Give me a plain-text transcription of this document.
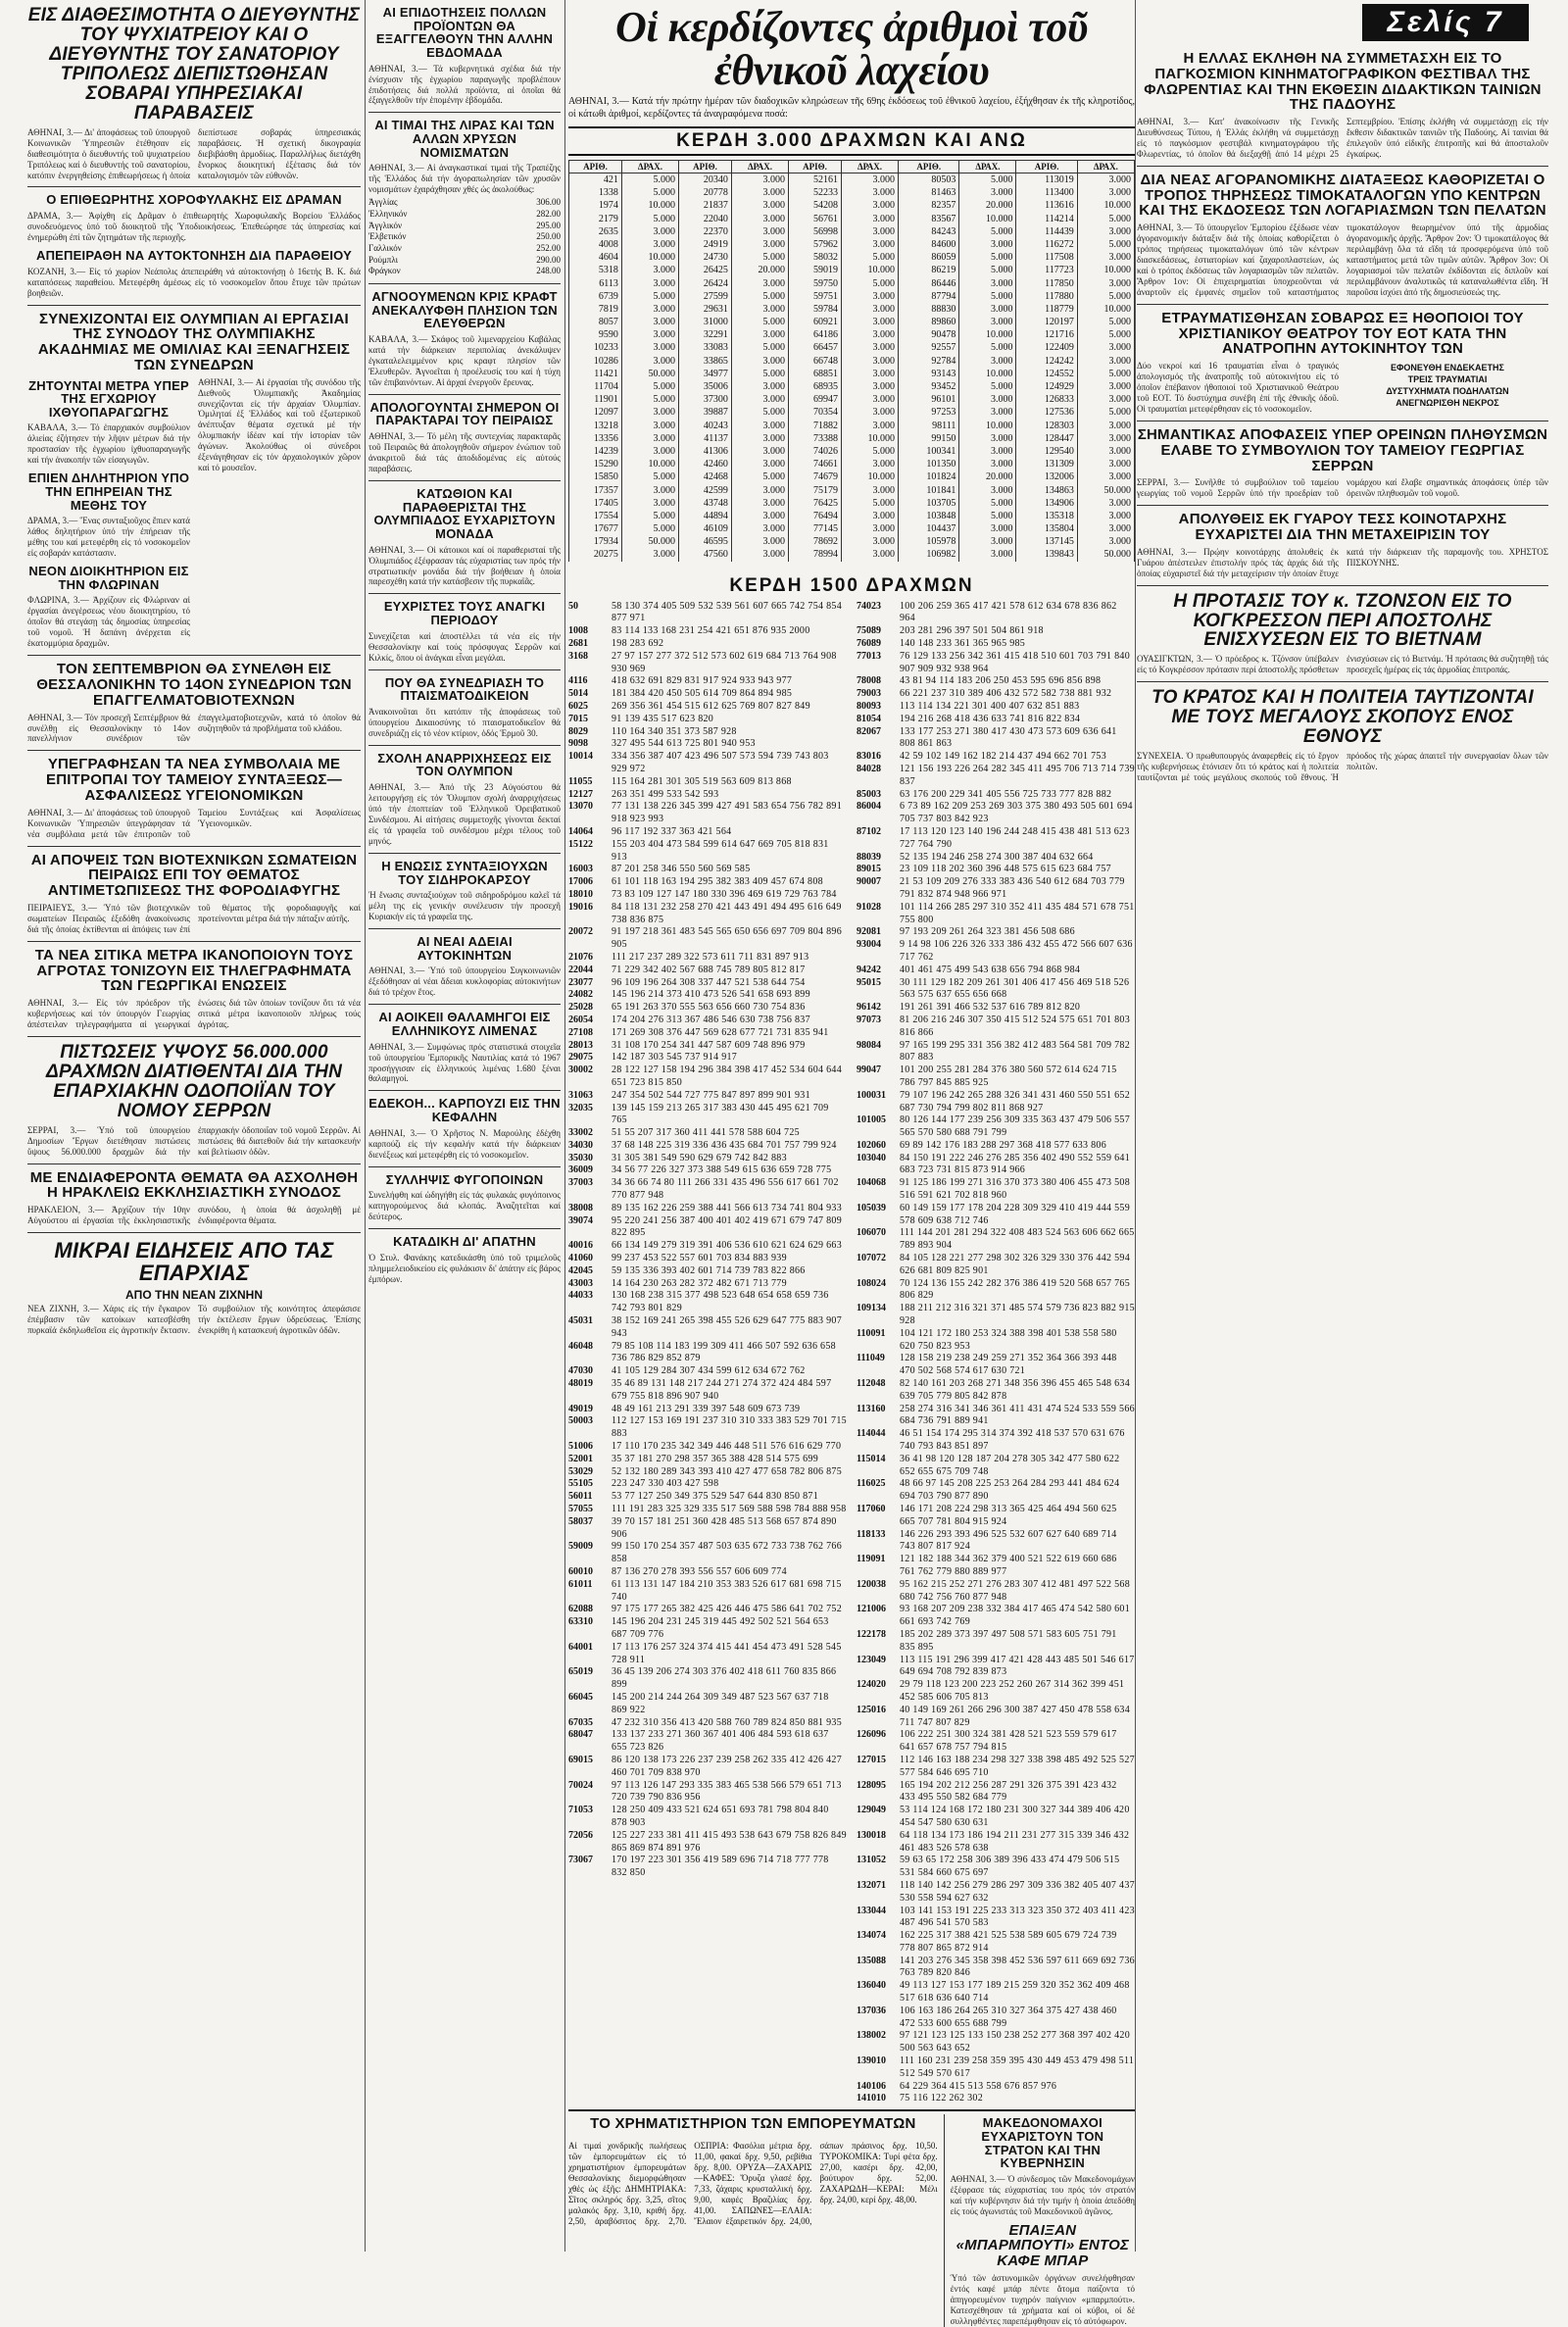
ΕΙΣ ΔΙΑΘΕΣΙΜΟΤΗΤΑ Ο ΔΙΕΥΘΥΝΤΗΣ ΤΟΥ ΨΥΧΙΑΤΡΕΙΟΥ ΚΑΙ Ο ΔΙΕΥΘΥΝΤΗΣ ΤΟΥ ΣΑΝΑΤΟΡΙΟΥ ΤΡΙΠΟΛΕΩΣ ΔΙΕΠΙΣΤΩΘΗΣΑΝ ΣΟΒΑΡΑΙ ΥΠΗΡΕΣΙΑΚΑΙ ΠΑΡΑΒΑΣΕΙΣ

ΑΘΗΝΑΙ, 3.— Δι' ἀποφάσεως τοῦ ὑπουργοῦ Κοινωνικῶν Ὑπηρεσιῶν ἐτέθησαν εἰς διαθεσιμότητα ὁ διευθυντής τοῦ ψυχιατρείου Τριπόλεως καί ὁ διευθυντής τοῦ σανατορίου, κατόπιν ἐνεργηθείσης ἐπιθεωρήσεως ἡ ὁποία διεπίστωσε σοβαράς ὑπηρεσιακάς παραβάσεις. Ἡ σχετική δικογραφία διεβιβάσθη ἀρμοδίως. Παραλλήλως διετάχθη ἔνορκος διοικητική ἐξέτασις διά τόν καταλογισμόν τῶν εὐθυνῶν.

Ο ΕΠΙΘΕΩΡΗΤΗΣ ΧΟΡΟΦΥΛΑΚΗΣ ΕΙΣ ΔΡΑΜΑΝ

ΔΡΑΜΑ, 3.— Ἀφίχθη εἰς Δρᾶμαν ὁ ἐπιθεωρητής Χωροφυλακῆς Βορείου Ἑλλάδος συνοδευόμενος ὑπό τοῦ διοικητοῦ τῆς Ὑποδιοικήσεως. Ἐπεθεώρησε τάς ὑπηρεσίας καί ἐνημερώθη ἐπί τῶν ζητημάτων τῆς περιοχῆς.

ΑΠΕΠΕΙΡΑΘΗ ΝΑ ΑΥΤΟΚΤΟΝΗΣΗ ΔΙΑ ΠΑΡΑΘΕΙΟΥ

ΚΟΖΑΝΗ, 3.— Εἰς τό χωρίον Νεάπολις ἀπεπειράθη νά αὐτοκτονήσῃ ὁ 16ετής Β. Κ. διά καταπόσεως παραθείου. Μετεφέρθη ἀμέσως εἰς τό νοσοκομεῖον ὅπου ἔτυχε τῶν πρώτων βοηθειῶν.

ΣΥΝΕΧΙΖΟΝΤΑΙ ΕΙΣ ΟΛΥΜΠΙΑΝ ΑΙ ΕΡΓΑΣΙΑΙ ΤΗΣ ΣΥΝΟΔΟΥ ΤΗΣ ΟΛΥΜΠΙΑΚΗΣ ΑΚΑΔΗΜΙΑΣ ΜΕ ΟΜΙΛΙΑΣ ΚΑΙ ΞΕΝΑΓΗΣΕΙΣ ΤΩΝ ΣΥΝΕΔΡΩΝ
ΖΗΤΟΥΝΤΑΙ ΜΕΤΡΑ ΥΠΕΡ ΤΗΣ ΕΓΧΩΡΙΟΥ ΙΧΘΥΟΠΑΡΑΓΩΓΗΣ

ΚΑΒΑΛΑ, 3.— Τό ἐπαρχιακόν συμβούλιον ἁλιείας ἐζήτησεν τήν λῆψιν μέτρων διά τήν προστασίαν τῆς ἐγχωρίου ἰχθυοπαραγωγῆς καί τήν ἀνακοπήν τῶν εἰσαγωγῶν.

ΕΠΙΕΝ ΔΗΛΗΤΗΡΙΟΝ ΥΠΟ ΤΗΝ ΕΠΗΡΕΙΑΝ ΤΗΣ ΜΕΘΗΣ ΤΟΥ

ΔΡΑΜΑ, 3.— Ἕνας συνταξιοῦχος ἔπιεν κατά λάθος δηλητήριον ὑπό τήν ἐπήρειαν τῆς μέθης του καί μετεφέρθη εἰς τό νοσοκομεῖον εἰς σοβαράν κατάστασιν.

ΝΕΟΝ ΔΙΟΙΚΗΤΗΡΙΟΝ ΕΙΣ ΤΗΝ ΦΛΩΡΙΝΑΝ

ΦΛΩΡΙΝΑ, 3.— Ἀρχίζουν εἰς Φλώριναν αἱ ἐργασίαι ἀνεγέρσεως νέου διοικητηρίου, τό ὁποῖον θά στεγάσῃ τάς δημοσίας ὑπηρεσίας τοῦ νομοῦ. Ἡ δαπάνη ἀνέρχεται εἰς ἑκατομμύρια δραχμῶν.

ΑΘΗΝΑΙ, 3.— Αἱ ἐργασίαι τῆς συνόδου τῆς Διεθνοῦς Ὀλυμπιακῆς Ἀκαδημίας συνεχίζονται εἰς τήν ἀρχαίαν Ὀλυμπίαν. Ὁμιληταί ἐξ Ἑλλάδος καί τοῦ ἐξωτερικοῦ ἀνέπτυξαν θέματα σχετικά μέ τήν ὀλυμπιακήν ἰδέαν καί τήν ἱστορίαν τῶν ἀγώνων. Ἀκολούθως οἱ σύνεδροι ἐξενάγηθησαν εἰς τόν ἀρχαιολογικόν χῶρον καί τό μουσεῖον.

ΤΟΝ ΣΕΠΤΕΜΒΡΙΟΝ ΘΑ ΣΥΝΕΛΘΗ ΕΙΣ ΘΕΣΣΑΛΟΝΙΚΗΝ ΤΟ 14ΟΝ ΣΥΝΕΔΡΙΟΝ ΤΩΝ ΕΠΑΓΓΕΛΜΑΤΟΒΙΟΤΕΧΝΩΝ

ΑΘΗΝΑΙ, 3.— Τόν προσεχῆ Σεπτέμβριον θά συνέλθῃ εἰς Θεσσαλονίκην τό 14ον πανελλήνιον συνέδριον τῶν ἐπαγγελματοβιοτεχνῶν, κατά τό ὁποῖον θά συζητηθοῦν τά προβλήματα τοῦ κλάδου.

ΥΠΕΓΡΑΦΗΣΑΝ ΤΑ ΝΕΑ ΣΥΜΒΟΛΑΙΑ ΜΕ ΕΠΙΤΡΟΠΑΙ ΤΟΥ ΤΑΜΕΙΟΥ ΣΥΝΤΑΞΕΩΣ—ΑΣΦΑΛΙΣΕΩΣ ΥΓΕΙΟΝΟΜΙΚΩΝ

ΑΘΗΝΑΙ, 3.— Δι' ἀποφάσεως τοῦ ὑπουργοῦ Κοινωνικῶν Ὑπηρεσιῶν ὑπεγράφησαν τά νέα συμβόλαια μετά τῶν ἐπιτροπῶν τοῦ Ταμείου Συντάξεως καί Ἀσφαλίσεως Ὑγειονομικῶν.

ΑΙ ΑΠΟΨΕΙΣ ΤΩΝ ΒΙΟΤΕΧΝΙΚΩΝ ΣΩΜΑΤΕΙΩΝ ΠΕΙΡΑΙΩΣ ΕΠΙ ΤΟΥ ΘΕΜΑΤΟΣ ΑΝΤΙΜΕΤΩΠΙΣΕΩΣ ΤΗΣ ΦΟΡΟΔΙΑΦΥΓΗΣ

ΠΕΙΡΑΙΕΥΣ, 3.— Ὑπό τῶν βιοτεχνικῶν σωματείων Πειραιῶς ἐξεδόθη ἀνακοίνωσις διά τῆς ὁποίας ἐκτίθενται αἱ ἀπόψεις των ἐπί τοῦ θέματος τῆς φοροδιαφυγῆς καί προτείνονται μέτρα διά τήν πάταξιν αὐτῆς.

ΤΑ ΝΕΑ ΣΙΤΙΚΑ ΜΕΤΡΑ ΙΚΑΝΟΠΟΙΟΥΝ ΤΟΥΣ ΑΓΡΟΤΑΣ ΤΟΝΙΖΟΥΝ ΕΙΣ ΤΗΛΕΓΡΑΦΗΜΑΤΑ ΤΩΝ ΓΕΩΡΓΙΚΑΙ ΕΝΩΣΕΙΣ

ΑΘΗΝΑΙ, 3.— Εἰς τόν πρόεδρον τῆς κυβερνήσεως καί τόν ὑπουργόν Γεωργίας ἀπέστειλαν τηλεγραφήματα αἱ γεωργικαί ἑνώσεις διά τῶν ὁποίων τονίζουν ὅτι τά νέα σιτικά μέτρα ἱκανοποιοῦν πλήρως τούς ἀγρότας.

ΠΙΣΤΩΣΕΙΣ ΥΨΟΥΣ 56.000.000 ΔΡΑΧΜΩΝ ΔΙΑΤΙΘΕΝΤΑΙ ΔΙΑ ΤΗΝ ΕΠΑΡΧΙΑΚΗΝ ΟΔΟΠΟΙΪΑΝ ΤΟΥ ΝΟΜΟΥ ΣΕΡΡΩΝ

ΣΕΡΡΑΙ, 3.— Ὑπό τοῦ ὑπουργείου Δημοσίων Ἔργων διετέθησαν πιστώσεις ὕψους 56.000.000 δραχμῶν διά τήν ἐπαρχιακήν ὁδοποιΐαν τοῦ νομοῦ Σερρῶν. Αἱ πιστώσεις θά διατεθοῦν διά τήν κατασκευήν καί βελτίωσιν ὁδῶν.

ΜΕ ΕΝΔΙΑΦΕΡΟΝΤΑ ΘΕΜΑΤΑ ΘΑ ΑΣΧΟΛΗΘΗ Η ΗΡΑΚΛΕΙΩ ΕΚΚΛΗΣΙΑΣΤΙΚΗ ΣΥΝΟΔΟΣ

ΗΡΑΚΛΕΙΟΝ, 3.— Ἀρχίζουν τήν 10ην Αὐγούστου αἱ ἐργασίαι τῆς ἐκκλησιαστικῆς συνόδου, ἡ ὁποία θά ἀσχοληθῇ μέ ἐνδιαφέροντα θέματα.

ΜΙΚΡΑΙ ΕΙΔΗΣΕΙΣ ΑΠΟ ΤΑΣ ΕΠΑΡΧΙΑΣ
ΑΠΟ ΤΗΝ ΝΕΑΝ ΖΙΧΝΗΝ

ΝΕΑ ΖΙΧΝΗ, 3.— Χάρις εἰς τήν ἔγκαιρον ἐπέμβασιν τῶν κατοίκων κατεσβέσθη πυρκαϊά ἐκδηλωθεῖσα εἰς ἀγροτικήν ἔκτασιν. Τό συμβούλιον τῆς κοινότητος ἀπεφάσισε τήν ἐκτέλεσιν ἔργων ὑδρεύσεως. Ἐπίσης ἐνεκρίθη ἡ κατασκευή ἀγροτικῶν ὁδῶν.

ΑΙ ΕΠΙΔΟΤΗΣΕΙΣ ΠΟΛΛΩΝ ΠΡΟΪΟΝΤΩΝ ΘΑ ΕΞΑΓΓΕΛΘΟΥΝ ΤΗΝ ΑΛΛΗΝ ΕΒΔΟΜΑΔΑ

ΑΘΗΝΑΙ, 3.— Τά κυβερνητικά σχέδια διά τήν ἐνίσχυσιν τῆς ἐγχωρίου παραγωγῆς προβλέπουν ἐπιδοτήσεις διά πολλά προϊόντα, αἱ ὁποῖαι θά ἐξαγγελθοῦν τήν ἑπομένην ἑβδομάδα.

ΑΙ ΤΙΜΑΙ ΤΗΣ ΛΙΡΑΣ ΚΑΙ ΤΩΝ ΑΛΛΩΝ ΧΡΥΣΩΝ ΝΟΜΙΣΜΑΤΩΝ

ΑΘΗΝΑΙ, 3.— Αἱ ἀναγκαστικαί τιμαί τῆς Τραπέζης τῆς Ἑλλάδος διά τήν ἀγοραπωλησίαν τῶν χρυσῶν νομισμάτων ἐχαράχθησαν χθές ὡς ἀκολούθως:

Ἀγγλίας	306.00
Ἑλληνικόν	282.00
Ἀγγλικόν	295.00
Ἑλβετικόν	250.00
Γαλλικόν	252.00
Ρούμπλι	290.00
Φράγκον	248.00
ΑΓΝΟΟΥΜΕΝΩΝ ΚΡΙΣ ΚΡΑΦΤ ΑΝΕΚΑΛΥΦΘΗ ΠΛΗΣΙΟΝ ΤΩΝ ΕΛΕΥΘΕΡΩΝ

ΚΑΒΑΛΑ, 3.— Σκάφος τοῦ λιμεναρχείου Καβάλας κατά τήν διάρκειαν περιπολίας ἀνεκάλυψεν ἐγκαταλελειμμένον κρις κραφτ πλησίον τῶν Ἐλευθερῶν. Ἀγνοεῖται ἡ προέλευσίς του καί ἡ τύχη τῶν ἐπιβαινόντων. Αἱ ἀρχαί ἐνεργοῦν ἔρευνας.

ΑΠΟΛΟΓΟΥΝΤΑΙ ΣΗΜΕΡΟΝ ΟΙ ΠΑΡΑΚΤΑΡΑΙ ΤΟΥ ΠΕΙΡΑΙΩΣ

ΑΘΗΝΑΙ, 3.— Τό μέλη τῆς συντεχνίας παρακταρᾶς τοῦ Πειραιῶς θά ἀπολογηθοῦν σήμερον ἐνώπιον τοῦ ἀνακριτοῦ διά τάς ἀποδιδομένας εἰς αὐτούς παραβάσεις.

ΚΑΤΩΘΙΟΝ ΚΑΙ ΠΑΡΑΘΕΡΙΣΤΑΙ ΤΗΣ ΟΛΥΜΠΙΑΔΟΣ ΕΥΧΑΡΙΣΤΟΥΝ ΜΟΝΑΔΑ

ΑΘΗΝΑΙ, 3.— Οἱ κάτοικοι καί οἱ παραθερισταί τῆς Ὀλυμπιάδος ἐξέφρασαν τάς εὐχαριστίας των πρός τήν στρατιωτικήν μονάδα διά τήν βοήθειαν ἡ ὁποία παρεσχέθη κατά τήν κατάσβεσιν τῆς πυρκαϊᾶς.

ΕΥΧΡΙΣΤΕΣ ΤΟΥΣ ΑΝΑΓΚΙ ΠΕΡΙΟΔΟΥ

Συνεχίζεται καί ἀποστέλλει τά νέα εἰς τήν Θεσσαλονίκην καί τούς πρόσφυγας Σερρῶν καί Κιλκίς, ὅπου οἱ ἀνάγκαι εἶναι μεγάλαι.

ΠΟΥ ΘΑ ΣΥΝΕΔΡΙΑΣΗ ΤΟ ΠΤΑΙΣΜΑΤΟΔΙΚΕΙΟΝ

Ἀνακοινοῦται ὅτι κατόπιν τῆς ἀποφάσεως τοῦ ὑπουργείου Δικαιοσύνης τό πταισματοδικεῖον θά συνεδριάζῃ εἰς τό νέον κτίριον, ὁδός Ἑρμοῦ 30.

ΣΧΟΛΗ ΑΝΑΡΡΙΧΗΣΕΩΣ ΕΙΣ ΤΟΝ ΟΛΥΜΠΟΝ

ΑΘΗΝΑΙ, 3.— Ἀπό τῆς 23 Αὐγούστου θά λειτουργήσῃ εἰς τόν Ὄλυμπον σχολή ἀναρριχήσεως ὑπό τήν ἐποπτείαν τοῦ Ἑλληνικοῦ Ὀρειβατικοῦ Συνδέσμου. Αἱ αἰτήσεις συμμετοχῆς γίνονται δεκταί εἰς τά γραφεῖα τοῦ συνδέσμου μέχρι τέλους τοῦ μηνός.

Η ΕΝΩΣΙΣ ΣΥΝΤΑΞΙΟΥΧΩΝ ΤΟΥ ΣΙΔΗΡΟΚΑΡΣΟΥ

Ἡ ἕνωσις συνταξιούχων τοῦ σιδηροδρόμου καλεῖ τά μέλη της εἰς γενικήν συνέλευσιν τήν προσεχῆ Κυριακήν εἰς τά γραφεῖα της.

ΑΙ ΝΕΑΙ ΑΔΕΙΑΙ ΑΥΤΟΚΙΝΗΤΩΝ

ΑΘΗΝΑΙ, 3.— Ὑπό τοῦ ὑπουργείου Συγκοινωνιῶν ἐξεδόθησαν αἱ νέαι ἄδειαι κυκλοφορίας αὐτοκινήτων διά τό τρέχον ἔτος.

ΑΙ ΑΟΙΚΕΙΙ ΘΑΛΑΜΗΓΟΙ ΕΙΣ ΕΛΛΗΝΙΚΟΥΣ ΛΙΜΕΝΑΣ

ΑΘΗΝΑΙ, 3.— Συμφώνως πρός στατιστικά στοιχεῖα τοῦ ὑπουργείου Ἐμπορικῆς Ναυτιλίας κατά τό 1967 προσήγγισαν εἰς ἑλληνικούς λιμένας 1.680 ξέναι θαλαμηγοί.

ΕΔΕΚΟΗ... ΚΑΡΠΟΥΖΙ ΕΙΣ ΤΗΝ ΚΕΦΑΛΗΝ

ΑΘΗΝΑΙ, 3.— Ὁ Χρῆστος Ν. Μαρούλης ἐδέχθη καρπούζι εἰς τήν κεφαλήν κατά τήν διάρκειαν διενέξεως καί μετεφέρθη εἰς τό νοσοκομεῖον.

ΣΥΛΛΗΨΙΣ ΦΥΓΟΠΟΙΝΩΝ

Συνελήφθη καί ὡδηγήθη εἰς τάς φυλακάς φυγόποινος κατηγορούμενος διά κλοπάς. Ἀναζητεῖται καί δεύτερος.

ΚΑΤΑΔΙΚΗ ΔΙ' ΑΠΑΤΗΝ

Ὁ Στυλ. Φανάκης κατεδικάσθη ὑπό τοῦ τριμελοῦς πλημμελειοδικείου εἰς φυλάκισιν δι' ἀπάτην εἰς βάρος ἐμπόρων.

Οἱ κερδίζοντες ἀριθμοὶ τοῦ ἐθνικοῦ λαχείου

ΑΘΗΝΑΙ, 3.— Κατά τήν πρώτην ἡμέραν τῶν διαδοχικῶν κληρώσεων τῆς 69ης ἐκδόσεως τοῦ ἐθνικοῦ λαχείου, ἐξήχθησαν ἐκ τῆς κληροτίδος, οἱ κάτωθι ἀριθμοί, κερδίζοντες τά ἀναγραφόμενα ποσά:

ΚΕΡΔΗ 3.000 ΔΡΑΧΜΩΝ ΚΑΙ ΑΝΩ
ΑΡΙΘ.	ΔΡΑΧ.	ΑΡΙΘ.	ΔΡΑΧ.	ΑΡΙΘ.	ΔΡΑΧ.	ΑΡΙΘ.	ΔΡΑΧ.	ΑΡΙΘ.	ΔΡΑΧ.
421	5.000	20340	3.000	52161	3.000	80503	5.000	113019	3.000
1338	5.000	20778	3.000	52233	3.000	81463	3.000	113400	3.000
1974	10.000	21837	3.000	54208	3.000	82357	20.000	113616	10.000
2179	5.000	22040	3.000	56761	3.000	83567	10.000	114214	5.000
2635	3.000	22370	3.000	56998	3.000	84243	5.000	114439	3.000
4008	3.000	24919	3.000	57962	3.000	84600	3.000	116272	5.000
4604	10.000	24730	5.000	58032	5.000	86059	5.000	117508	3.000
5318	3.000	26425	20.000	59019	10.000	86219	5.000	117723	10.000
6113	3.000	26424	3.000	59750	5.000	86446	3.000	117850	3.000
6739	5.000	27599	5.000	59751	3.000	87794	5.000	117880	5.000
7819	3.000	29631	3.000	59784	3.000	88830	3.000	118779	10.000
8057	3.000	31000	5.000	60921	3.000	89860	3.000	120197	5.000
9590	3.000	32291	3.000	64186	3.000	90478	10.000	121716	5.000
10233	3.000	33083	5.000	66457	3.000	92557	5.000	122409	3.000
10286	3.000	33865	3.000	66748	3.000	92784	3.000	124242	3.000
11421	50.000	34977	5.000	68851	3.000	93143	10.000	124552	5.000
11704	5.000	35006	3.000	68935	3.000	93452	5.000	124929	3.000
11901	5.000	37300	3.000	69947	3.000	96101	3.000	126833	3.000
12097	3.000	39887	5.000	70354	3.000	97253	3.000	127536	5.000
13218	3.000	40243	3.000	71882	3.000	98111	10.000	128303	3.000
13356	3.000	41137	3.000	73388	10.000	99150	3.000	128447	3.000
14239	3.000	41306	3.000	74026	5.000	100341	3.000	129540	3.000
15290	10.000	42460	3.000	74661	3.000	101350	3.000	131309	3.000
15850	5.000	42468	5.000	74679	10.000	101824	20.000	132006	3.000
17357	3.000	42599	3.000	75179	3.000	101841	3.000	134863	50.000
17405	3.000	43748	3.000	76425	5.000	103705	5.000	134906	3.000
17554	5.000	44894	3.000	76494	3.000	103848	5.000	135318	3.000
17677	5.000	46109	3.000	77145	3.000	104437	3.000	135804	3.000
17934	50.000	46595	3.000	78692	3.000	105978	3.000	137145	3.000
20275	3.000	47560	3.000	78994	3.000	106982	3.000	139843	50.000
ΚΕΡΔΗ 1500 ΔΡΑΧΜΩΝ
50	58 130 374 405 509 532 539 561 607 665 742 754 854 877 971
1008	83 114 133 168 231 254 421 651 876 935 2000
2681	198 283 692
3168	27 97 157 277 372 512 573 602 619 684 713 764 908 930 969
4116	418 632 691 829 831 917 924 933 943 977
5014	181 384 420 450 505 614 709 864 894 985
6025	269 356 361 454 515 612 625 769 807 827 849
7015	91 139 435 517 623 820
8029	110 164 340 351 373 587 928
9098	327 495 544 613 725 801 940 953
10014	334 356 387 407 423 496 507 573 594 739 743 803 929 972
11055	115 164 281 301 305 519 563 609 813 868
12127	263 351 499 533 542 593
13070	77 131 138 226 345 399 427 491 583 654 756 782 891 918 923 993
14064	96 117 192 337 363 421 564
15122	155 203 404 473 584 599 614 647 669 705 818 831 913
16003	87 201 258 346 550 560 569 585
17006	61 101 118 163 194 295 382 383 409 457 674 808
18010	73 83 109 127 147 180 330 396 469 619 729 763 784
19016	84 118 131 232 258 270 421 443 491 494 495 616 649 738 836 875
20072	91 197 218 361 483 545 565 650 656 697 709 804 896 905
21076	111 217 237 289 322 573 611 711 831 897 913
22044	71 229 342 402 567 688 745 789 805 812 817
23077	96 109 196 264 308 337 447 521 538 644 754
24082	145 196 214 373 410 473 526 541 658 693 899
25028	65 191 263 370 555 563 656 660 730 754 836
26054	174 204 276 313 367 486 546 630 738 756 837
27108	171 269 308 376 447 569 628 677 721 731 835 941
28013	31 108 170 254 341 447 587 609 748 896 979
29075	142 187 303 545 737 914 917
30002	28 122 127 158 194 296 384 398 417 452 534 604 644 651 723 815 850
31063	247 354 502 544 727 775 847 897 899 901 931
32035	139 145 159 213 265 317 383 430 445 495 621 709 765
33002	51 55 207 317 360 411 441 578 588 604 725
34030	37 68 148 225 319 336 436 435 684 701 757 799 924
35030	31 305 381 549 590 629 679 742 842 883
36009	34 56 77 226 327 373 388 549 615 636 659 728 775
37003	34 36 66 74 80 111 266 331 435 496 556 617 661 702 770 877 948
38008	89 135 162 226 259 388 441 566 613 734 741 804 933
39074	95 220 241 256 387 400 401 402 419 671 679 747 809 822 895
40016	66 134 149 279 319 391 406 536 610 621 624 629 663
41060	99 237 453 522 557 601 703 834 883 939
42045	59 135 336 393 402 601 714 739 783 822 866
43003	14 164 230 263 282 372 482 671 713 779
44033	130 168 238 315 377 498 523 648 654 658 659 736 742 793 801 829
45031	38 152 169 241 265 398 455 526 629 647 775 883 907 943
46048	79 85 108 114 183 199 309 411 466 507 592 636 658 736 786 829 852 879
47030	41 105 129 284 307 434 599 612 634 672 762
48019	35 46 89 131 148 217 244 271 274 372 424 484 597 679 755 818 896 907 940
49019	48 49 161 213 291 339 397 548 609 673 739
50003	112 127 153 169 191 237 310 310 333 383 529 701 715 883
51006	17 110 170 235 342 349 446 448 511 576 616 629 770
52001	35 37 181 270 298 357 365 388 428 514 575 699
53029	52 132 180 289 343 393 410 427 477 658 782 806 875
55105	223 247 330 403 427 598
56011	53 77 127 250 349 375 529 547 644 830 850 871
57055	111 191 283 325 329 335 517 569 588 598 784 888 958
58037	39 70 157 181 251 360 428 485 513 568 657 874 890 906
59009	99 150 170 254 357 487 503 635 672 733 738 762 766 858
60010	87 136 270 278 393 556 557 606 609 774
61011	61 113 131 147 184 210 353 383 526 617 681 698 715 740
62088	97 175 177 265 382 425 426 446 475 586 641 702 752
63310	145 196 204 231 245 319 445 492 502 521 564 653 687 709 776
64001	17 113 176 257 324 374 415 441 454 473 491 528 545 728 911
65019	36 45 139 206 274 303 376 402 418 611 760 835 866 899
66045	145 200 214 244 264 309 349 487 523 567 637 718 869 922
67035	47 232 310 356 413 420 588 760 789 824 850 881 935
68047	133 137 233 271 360 367 401 406 484 593 618 637 655 723 826
69015	86 120 138 173 226 237 239 258 262 335 412 426 427 460 701 709 838 970
70024	97 113 126 147 293 335 383 465 538 566 579 651 713 720 739 790 836 956
71053	128 250 409 433 521 624 651 693 781 798 804 840 878 903
72056	125 227 233 381 411 415 493 538 643 679 758 826 849 865 869 874 891 976
73067	170 197 223 301 356 419 589 696 714 718 777 778 832 850
74023	100 206 259 365 417 421 578 612 634 678 836 862 964
75089	203 281 296 397 501 504 861 918
76089	140 148 233 361 365 965 985
77013	76 129 133 256 342 361 415 418 510 601 703 791 840 907 909 932 938 964
78008	43 81 94 114 183 206 250 453 595 696 856 898
79003	66 221 237 310 389 406 432 572 582 738 881 932
80093	113 114 134 221 301 400 407 632 851 883
81054	194 216 268 418 436 633 741 816 822 834
82067	133 177 253 271 380 417 430 473 573 609 636 641 808 861 863
83016	42 59 102 149 162 182 214 437 494 662 701 753
84028	121 156 193 226 264 282 345 411 495 706 713 714 739 837
85003	63 176 200 229 341 405 556 725 733 777 828 882
86004	6 73 89 162 209 253 269 303 375 380 493 505 601 694 705 737 803 842 923
87102	17 113 120 123 140 196 244 248 415 438 481 513 623 727 764 790
88039	52 135 194 246 258 274 300 387 404 632 664
89015	23 109 118 202 360 396 448 575 615 623 684 757
90007	21 53 109 209 276 333 383 436 540 612 684 703 779 791 832 874 948 966 971
91028	101 114 266 285 297 310 352 411 435 484 571 678 751 755 800
92081	97 193 209 261 264 323 381 456 508 686
93004	9 14 98 106 226 326 333 386 432 455 472 566 607 636 717 762
94242	401 461 475 499 543 638 656 794 868 984
95015	30 111 129 182 209 261 301 406 417 456 469 518 526 563 575 637 655 656 668
96142	191 261 391 466 532 537 616 789 812 820
97073	81 206 216 246 307 350 415 512 524 575 651 701 803 816 866
98084	97 165 199 295 331 356 382 412 483 564 581 709 782 807 883
99047	101 200 255 281 284 376 380 560 572 614 624 715 786 797 845 885 925
100031	79 107 196 242 265 288 326 341 431 460 550 551 652 687 730 794 799 802 811 868 927
101005	80 126 144 177 239 256 309 335 363 437 479 506 557 565 570 580 688 791 799
102060	69 89 142 176 183 288 297 368 418 577 633 806
103040	84 150 191 222 246 276 285 356 402 490 552 559 641 683 723 731 815 873 914 966
104068	91 125 186 199 271 316 370 373 380 406 455 473 508 516 591 621 702 818 960
105039	60 149 159 177 178 204 228 309 329 410 419 444 559 578 609 638 712 746
106070	111 144 201 281 294 322 408 483 524 563 606 662 665 789 893 904
107072	84 105 128 221 277 298 302 326 329 330 376 442 594 626 681 809 825 901
108024	70 124 136 155 242 282 376 386 419 520 568 657 765 806 829
109134	188 211 212 316 321 371 485 574 579 736 823 882 915 928
110091	104 121 172 180 253 324 388 398 401 538 558 580 620 750 823 953
111049	128 158 219 238 249 259 271 352 364 366 393 448 470 502 568 574 617 630 721
112048	82 140 161 203 268 271 348 356 396 455 465 548 634 639 705 779 805 842 878
113160	258 274 316 341 346 361 411 431 474 524 533 559 566 684 736 791 889 941
114044	46 51 154 174 295 314 374 392 418 537 570 631 676 740 793 843 851 897
115014	36 41 98 120 128 187 204 278 305 342 477 580 622 652 655 675 709 748
116025	48 66 97 145 208 225 253 264 284 293 441 484 624 694 703 790 877 890
117060	146 171 208 224 298 313 365 425 464 494 560 625 665 707 781 804 915 924
118133	146 226 293 393 496 525 532 607 627 640 689 714 743 807 817 924
119091	121 182 188 344 362 379 400 521 522 619 660 686 761 762 779 880 889 977
120038	95 162 215 252 271 276 283 307 412 481 497 522 568 680 742 756 760 877 948
121006	93 168 207 209 238 332 384 417 465 474 542 580 601 661 693 742 769
122178	185 202 289 373 397 497 508 571 583 605 751 791 835 895
123049	113 115 191 296 399 417 421 428 443 485 501 546 617 649 694 708 792 839 873
124020	29 79 118 123 200 223 252 260 267 314 362 399 451 452 585 606 705 813
125016	40 149 169 261 266 296 300 387 427 450 478 558 634 711 747 807 829
126096	106 222 251 300 324 381 428 521 523 559 579 617 641 657 678 757 794 815
127015	112 146 163 188 234 298 327 338 398 485 492 525 527 577 584 646 695 710
128095	165 194 202 212 256 287 291 326 375 391 423 432 433 495 550 582 684 779
129049	53 114 124 168 172 180 231 300 327 344 389 406 420 454 547 580 630 631
130018	64 118 134 173 186 194 211 231 277 315 339 346 432 461 483 526 578 638
131052	59 63 65 172 258 306 389 396 433 474 479 506 515 531 584 660 675 697
132071	118 140 142 256 279 286 297 309 336 382 405 407 437 530 558 594 627 632
133044	103 141 153 191 225 233 313 323 350 372 403 411 423 487 496 541 570 583
134074	162 225 317 388 421 525 538 589 605 679 724 739 778 807 865 872 914
135088	141 203 276 345 358 398 452 536 597 611 669 692 736 763 789 820 846
136040	49 113 127 153 177 189 215 259 320 352 362 409 468 517 618 636 640 714
137036	106 163 186 264 265 310 327 364 375 427 438 460 472 533 600 655 688 799
138002	97 121 123 125 133 150 238 252 277 368 397 402 420 500 563 643 652
139010	111 160 231 239 258 359 395 430 449 453 479 498 511 512 549 570 617
140106	64 229 364 415 513 558 676 857 976
141010	75 116 122 262 302
ΤΟ ΧΡΗΜΑΤΙΣΤΗΡΙΟΝ ΤΩΝ ΕΜΠΟΡΕΥΜΑΤΩΝ

Αἱ τιμαί χονδρικῆς πωλήσεως τῶν ἐμπορευμάτων εἰς τό χρηματιστήριον ἐμπορευμάτων Θεσσαλονίκης διεμορφώθησαν χθές ὡς ἑξῆς: ΔΗΜΗΤΡΙΑΚΑ: Σῖτος σκληρός δρχ. 3,25, σῖτος μαλακός δρχ. 3,10, κριθή δρχ. 2,50, ἀραβόσιτος δρχ. 2,70. ΟΣΠΡΙΑ: Φασόλια μέτρια δρχ. 11,00, φακαί δρχ. 9,50, ρεβίθια δρχ. 8,00. ΟΡΥΖΑ—ΖΑΧΑΡΙΣ—ΚΑΦΕΣ: Ὄρυζα γλασέ δρχ. 7,33, ζάχαρις κρυσταλλική δρχ. 9,00, καφές Βραζιλίας δρχ. 41,00. ΣΑΠΩΝΕΣ—ΕΛΑΙΑ: Ἔλαιον ἐξαιρετικόν δρχ. 24,00, σάπων πράσινος δρχ. 10,50. ΤΥΡΟΚΟΜΙΚΑ: Τυρί φέτα δρχ. 27,00, κασέρι δρχ. 42,00, βούτυρον δρχ. 52,00. ΖΑΧΑΡΩΔΗ—ΚΕΡΑΙ: Μέλι δρχ. 24,00, κερί δρχ. 48,00.

ΜΑΚΕΔΟΝΟΜΑΧΟΙ ΕΥΧΑΡΙΣΤΟΥΝ ΤΟΝ ΣΤΡΑΤΟΝ ΚΑΙ ΤΗΝ ΚΥΒΕΡΝΗΣΙΝ

ΑΘΗΝΑΙ, 3.— Ὁ σύνδεσμος τῶν Μακεδονομάχων ἐξέφρασε τάς εὐχαριστίας του πρός τόν στρατόν καί τήν κυβέρνησιν διά τήν τιμήν ἡ ὁποία ἀπεδόθη εἰς τούς ἀγωνιστάς τοῦ Μακεδονικοῦ ἀγῶνος.

ΕΠΑΙΞΑΝ «ΜΠΑΡΜΠΟΥΤΙ» ΕΝΤΟΣ ΚΑΦΕ ΜΠΑΡ

Ὑπό τῶν ἀστυνομικῶν ὀργάνων συνελήφθησαν ἐντός καφέ μπάρ πέντε ἄτομα παίζοντα τό ἀπηγορευμένον τυχηρόν παίγνιον «μπαρμπούτι». Κατεσχέθησαν τά χρήματα καί οἱ κύβοι, οἱ δέ συλληφθέντες παρεπέμφθησαν εἰς τό αὐτόφωρον.

Σελίς 7
Η ΕΛΛΑΣ ΕΚΛΗΘΗ ΝΑ ΣΥΜΜΕΤΑΣΧΗ ΕΙΣ ΤΟ ΠΑΓΚΟΣΜΙΟΝ ΚΙΝΗΜΑΤΟΓΡΑΦΙΚΟΝ ΦΕΣΤΙΒΑΛ ΤΗΣ ΦΛΩΡΕΝΤΙΑΣ ΚΑΙ ΤΗΝ ΕΚΘΕΣΙΝ ΔΙΔΑΚΤΙΚΩΝ ΤΑΙΝΙΩΝ ΤΗΣ ΠΑΔΟΥΗΣ

ΑΘΗΝΑΙ, 3.— Κατ' ἀνακοίνωσιν τῆς Γενικῆς Διευθύνσεως Τύπου, ἡ Ἑλλάς ἐκλήθη νά συμμετάσχῃ εἰς τό παγκόσμιον φεστιβάλ κινηματογράφου τῆς Φλωρεντίας, τό ὁποῖον θά διεξαχθῇ ἀπό 14 μέχρι 25 Σεπτεμβρίου. Ἐπίσης ἐκλήθη νά συμμετάσχῃ εἰς τήν ἔκθεσιν διδακτικῶν ταινιῶν τῆς Παδούης. Αἱ ταινίαι θά ἐπιλεγοῦν ὑπό εἰδικῆς ἐπιτροπῆς καί θά ἀποσταλοῦν ἐγκαίρως.

ΔΙΑ ΝΕΑΣ ΑΓΟΡΑΝΟΜΙΚΗΣ ΔΙΑΤΑΞΕΩΣ ΚΑΘΟΡΙΖΕΤΑΙ Ο ΤΡΟΠΟΣ ΤΗΡΗΣΕΩΣ ΤΙΜΟΚΑΤΑΛΟΓΩΝ ΥΠΟ ΚΕΝΤΡΩΝ ΚΑΙ ΤΗΣ ΕΚΔΟΣΕΩΣ ΤΩΝ ΛΟΓΑΡΙΑΣΜΩΝ ΤΩΝ ΠΕΛΑΤΩΝ

ΑΘΗΝΑΙ, 3.— Τό ὑπουργεῖον Ἐμπορίου ἐξέδωσε νέαν ἀγορανομικήν διάταξιν διά τῆς ὁποίας καθορίζεται ὁ τρόπος τηρήσεως τιμοκαταλόγων ὑπό τῶν κέντρων διασκεδάσεως, ἑστιατορίων καί ζαχαροπλαστείων, ὡς καί ὁ τρόπος ἐκδόσεως τῶν λογαριασμῶν τῶν πελατῶν. Ἄρθρον 1ον: Οἱ ἐπιχειρηματίαι ὑποχρεοῦνται νά ἀναρτοῦν εἰς ἐμφανές σημεῖον τοῦ καταστήματος τιμοκατάλογον θεωρημένον ὑπό τῆς ἀρμοδίας ἀγορανομικῆς ἀρχῆς. Ἄρθρον 2ον: Ὁ τιμοκατάλογος θά περιλαμβάνῃ ὅλα τά εἴδη τά προσφερόμενα ὑπό τοῦ καταστήματος μετά τῶν τιμῶν αὐτῶν. Ἄρθρον 3ον: Οἱ λογαριασμοί τῶν πελατῶν ἐκδίδονται εἰς διπλοῦν καί περιλαμβάνουν ἀναλυτικῶς τά καταναλωθέντα εἴδη. Ἡ παροῦσα ἰσχύει ἀπό τῆς δημοσιεύσεώς της.

ΕΤΡΑΥΜΑΤΙΣΘΗΣΑΝ ΣΟΒΑΡΩΣ ΕΞ ΗΘΟΠΟΙΟΙ ΤΟΥ ΧΡΙΣΤΙΑΝΙΚΟΥ ΘΕΑΤΡΟΥ ΤΟΥ ΕΟΤ ΚΑΤΑ ΤΗΝ ΑΝΑΤΡΟΠΗΝ ΑΥΤΟΚΙΝΗΤΟΥ ΤΩΝ

Δύο νεκροί καί 16 τραυματίαι εἶναι ὁ τραγικός ἀπολογισμός τῆς ἀνατροπῆς τοῦ αὐτοκινήτου εἰς τό ὁποῖον ἐπέβαινον ἠθοποιοί τοῦ Χριστιανικοῦ Θεάτρου τοῦ ΕΟΤ. Τό δυστύχημα συνέβη ἐπί τῆς ἐθνικῆς ὁδοῦ. Οἱ τραυματίαι μετεφέρθησαν εἰς τό νοσοκομεῖον.

ΕΦΟΝΕΥΘΗ ΕΝΔΕΚΑΕΤΗΣ
ΤΡΕΙΣ ΤΡΑΥΜΑΤΙΑΙ
ΔΥΣΤΥΧΗΜΑΤΑ ΠΟΔΗΛΑΤΩΝ
ΑΝΕΓΝΩΡΙΣΘΗ ΝΕΚΡΟΣ
ΣΗΜΑΝΤΙΚΑΣ ΑΠΟΦΑΣΕΙΣ ΥΠΕΡ ΟΡΕΙΝΩΝ ΠΛΗΘΥΣΜΩΝ ΕΛΑΒΕ ΤΟ ΣΥΜΒΟΥΛΙΟΝ ΤΟΥ ΤΑΜΕΙΟΥ ΓΕΩΡΓΙΑΣ ΣΕΡΡΩΝ

ΣΕΡΡΑΙ, 3.— Συνῆλθε τό συμβούλιον τοῦ ταμείου γεωργίας τοῦ νομοῦ Σερρῶν ὑπό τήν προεδρίαν τοῦ νομάρχου καί ἔλαβε σημαντικάς ἀποφάσεις ὑπέρ τῶν ὀρεινῶν πληθυσμῶν τοῦ νομοῦ.

ΑΠΟΛΥΘΕΙΣ ΕΚ ΓΥΑΡΟΥ ΤΕΣΣ ΚΟΙΝΟΤΑΡΧΗΣ ΕΥΧΑΡΙΣΤΕΙ ΔΙΑ ΤΗΝ ΜΕΤΑΧΕΙΡΙΣΙΝ ΤΟΥ

ΑΘΗΝΑΙ, 3.— Πρῴην κοινοτάρχης ἀπολυθείς ἐκ Γυάρου ἀπέστειλεν ἐπιστολήν πρός τάς ἀρχάς διά τῆς ὁποίας εὐχαριστεῖ διά τήν μεταχείρισιν τήν ὁποίαν ἔτυχε κατά τήν διάρκειαν τῆς παραμονῆς του. ΧΡΗΣΤΟΣ ΠΙΣΚΟΥΝΗΣ.

Η ΠΡΟΤΑΣΙΣ ΤΟΥ κ. ΤΖΟΝΣΟΝ ΕΙΣ ΤΟ ΚΟΓΚΡΕΣΣΟΝ ΠΕΡΙ ΑΠΟΣΤΟΛΗΣ ΕΝΙΣΧΥΣΕΩΝ ΕΙΣ ΤΟ ΒΙΕΤΝΑΜ

ΟΥΑΣΙΓΚΤΩΝ, 3.— Ὁ πρόεδρος κ. Τζόνσον ὑπέβαλεν εἰς τό Κογκρέσσον πρότασιν περί ἀποστολῆς πρόσθετων ἐνισχύσεων εἰς τό Βιετνάμ. Ἡ πρότασις θά συζητηθῇ τάς προσεχεῖς ἡμέρας εἰς τάς ἀρμοδίας ἐπιτροπάς.

ΤΟ ΚΡΑΤΟΣ ΚΑΙ Η ΠΟΛΙΤΕΙΑ ΤΑΥΤΙΖΟΝΤΑΙ ΜΕ ΤΟΥΣ ΜΕΓΑΛΟΥΣ ΣΚΟΠΟΥΣ ΕΝΟΣ ΕΘΝΟΥΣ

ΣΥΝΕΧΕΙΑ. Ὁ πρωθυπουργός ἀναφερθείς εἰς τό ἔργον τῆς κυβερνήσεως ἐτόνισεν ὅτι τό κράτος καί ἡ πολιτεία ταυτίζονται μέ τούς μεγάλους σκοπούς τοῦ ἔθνους. Ἡ πρόοδος τῆς χώρας ἀπαιτεῖ τήν συνεργασίαν ὅλων τῶν πολιτῶν.
